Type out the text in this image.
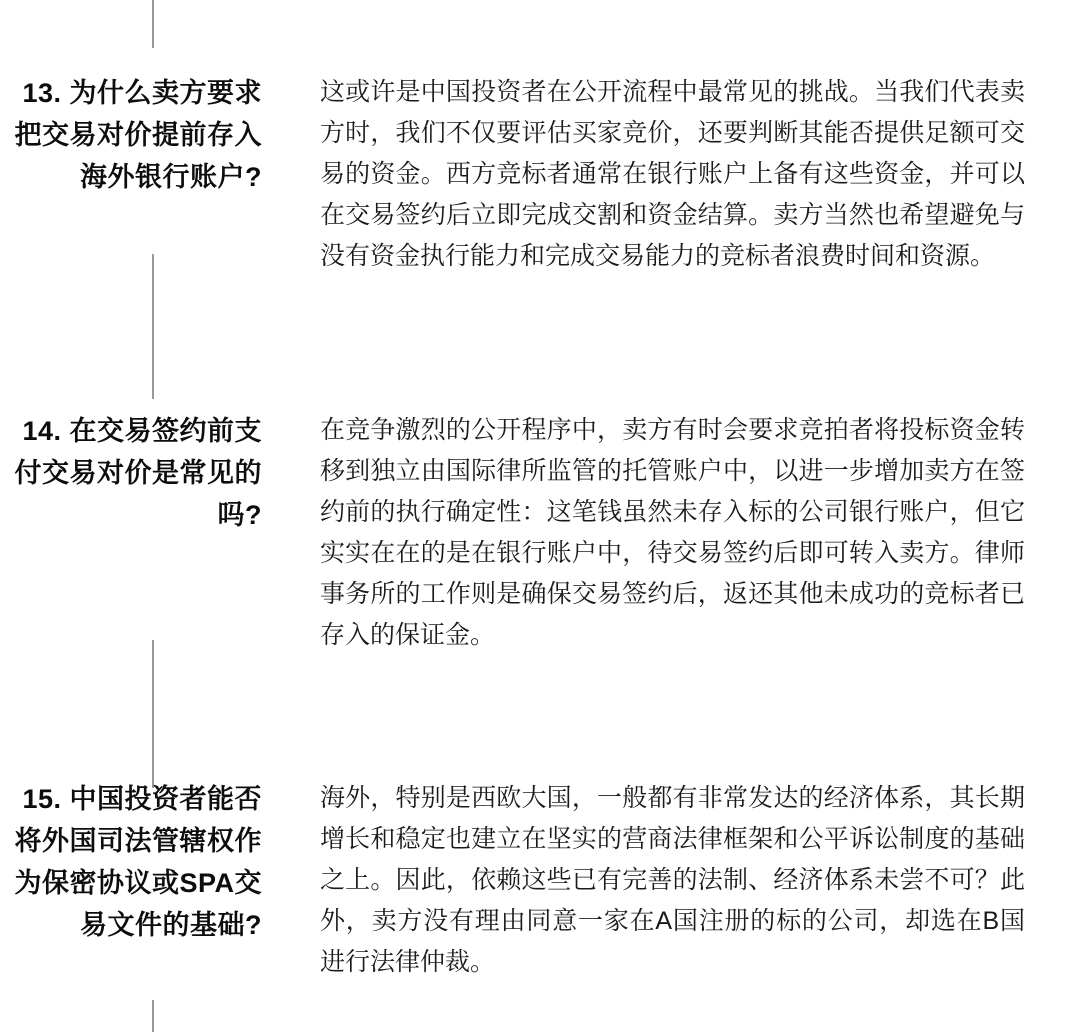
13. 为什么卖方要求把交易对价提前存入海外银行账户?

这或许是中国投资者在公开流程中最常见的挑战。当我们代表卖方时，我们不仅要评估买家竞价，还要判断其能否提供足额可交易的资金。西方竞标者通常在银行账户上备有这些资金，并可以在交易签约后立即完成交割和资金结算。卖方当然也希望避免与没有资金执行能力和完成交易能力的竞标者浪费时间和资源。

14. 在交易签约前支付交易对价是常见的吗?

在竞争激烈的公开程序中，卖方有时会要求竞拍者将投标资金转移到独立由国际律所监管的托管账户中，以进一步增加卖方在签约前的执行确定性：这笔钱虽然未存入标的公司银行账户，但它实实在在的是在银行账户中，待交易签约后即可转入卖方。律师事务所的工作则是确保交易签约后，返还其他未成功的竞标者已存入的保证金。

15. 中国投资者能否将外国司法管辖权作为保密协议或SPA交易文件的基础?

海外，特别是西欧大国，一般都有非常发达的经济体系，其长期增长和稳定也建立在坚实的营商法律框架和公平诉讼制度的基础之上。因此，依赖这些已有完善的法制、经济体系未尝不可？此外，卖方没有理由同意一家在A国注册的标的公司，却选在B国进行法律仲裁。
